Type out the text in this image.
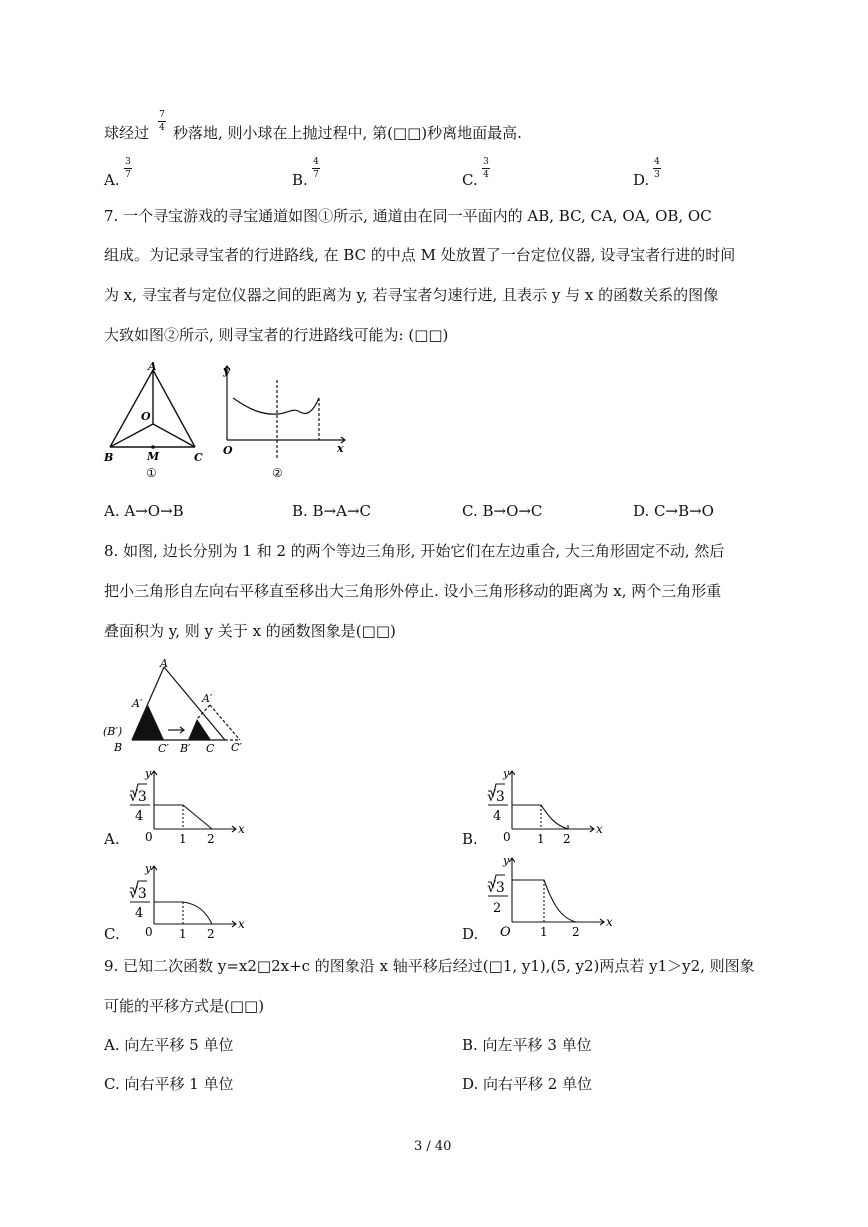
球经过
7
4 秒落地, 则小球在上抛过程中, 第(□□)秒离地面最高.
A.
3
7	B.
4
7	C.
3
4	D.
4
3
7. 一个寻宝游戏的寻宝通道如图①所示, 通道由在同一平面内的 AB, BC, CA, OA, OB, OC
组成。为记录寻宝者的行进路线, 在 BC 的中点 M 处放置了一台定位仪器, 设寻宝者行进的时间
为 x, 寻宝者与定位仪器之间的距离为 y, 若寻宝者匀速行进, 且表示 y 与 x 的函数关系的图像
大致如图②所示, 则寻宝者的行进路线可能为: (□□)
A
O
B	M	C
①
y
O	x
②
A. A→O→B	B. B→A→C	C. B→O→C	D. C→B→O
8. 如图, 边长分别为 1 和 2 的两个等边三角形, 开始它们在左边重合, 大三角形固定不动, 然后
把小三角形自左向右平移直至移出大三角形外停止. 设小三角形移动的距离为 x, 两个三角形重
叠面积为 y, 则 y 关于 x 的函数图象是(□□)
A
A′	A′
(B′)
B	C′ B′ C C′
A.
y
√3
4
0 1 2
x
B.
y
√3
4
0 1 2
x
C.
y
√3
4
0 1 2
x
D.
y
√3
2
O 1 2
x
9. 已知二次函数 y=x2□2x+c 的图象沿 x 轴平移后经过(□1, y1),(5, y2)两点若 y1＞y2, 则图象
可能的平移方式是(□□)
A. 向左平移 5 单位	B. 向左平移 3 单位
C. 向右平移 1 单位	D. 向右平移 2 单位
3 / 40
